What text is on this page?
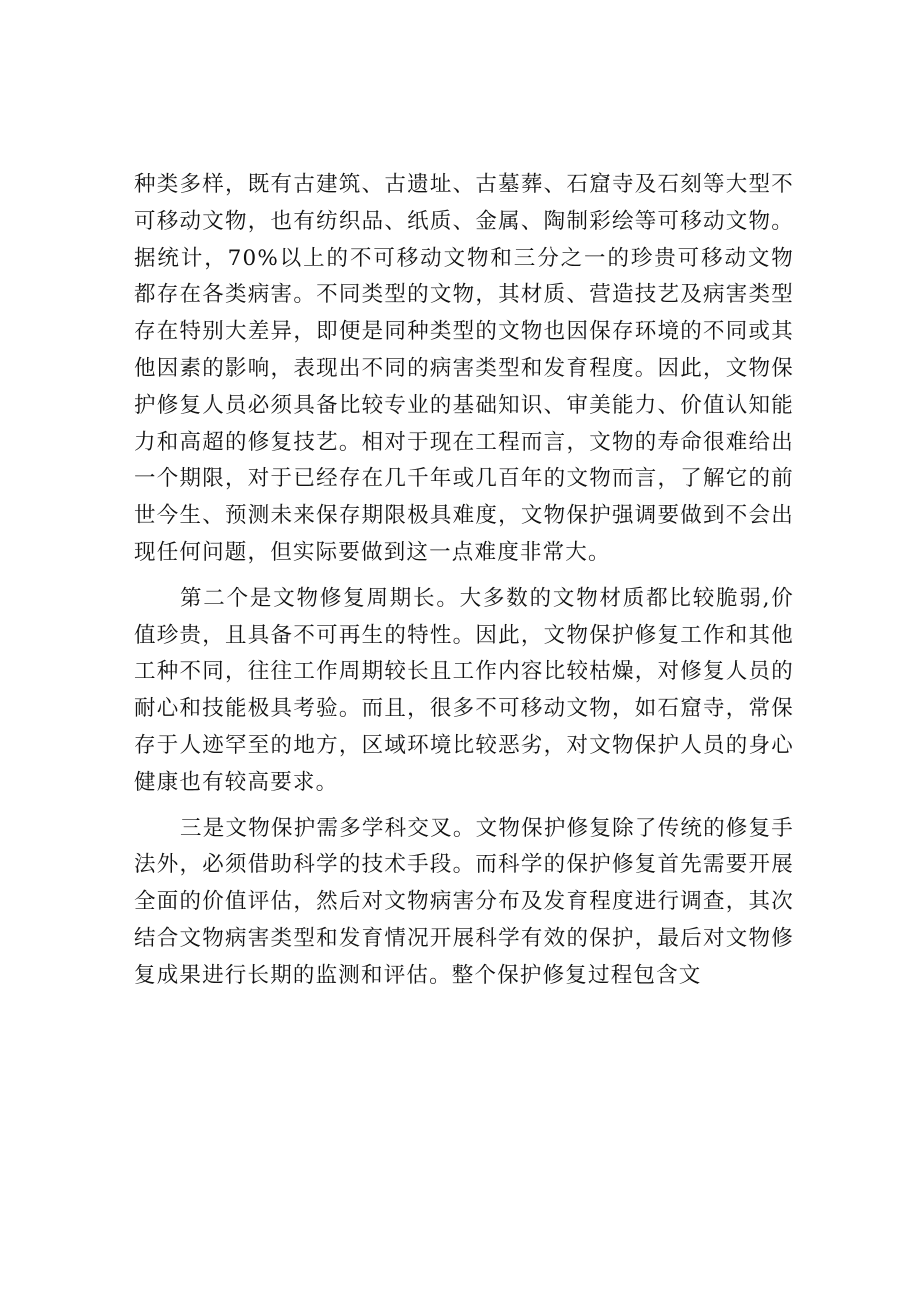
种类多样，既有古建筑、古遗址、古墓葬、石窟寺及石刻等大型不可移动文物，也有纺织品、纸质、金属、陶制彩绘等可移动文物。据统计，70%以上的不可移动文物和三分之一的珍贵可移动文物都存在各类病害。不同类型的文物，其材质、营造技艺及病害类型存在特别大差异，即便是同种类型的文物也因保存环境的不同或其他因素的影响，表现出不同的病害类型和发育程度。因此，文物保护修复人员必须具备比较专业的基础知识、审美能力、价值认知能力和高超的修复技艺。相对于现在工程而言，文物的寿命很难给出一个期限，对于已经存在几千年或几百年的文物而言，了解它的前世今生、预测未来保存期限极具难度，文物保护强调要做到不会出现任何问题，但实际要做到这一点难度非常大。

第二个是文物修复周期长。大多数的文物材质都比较脆弱,价值珍贵，且具备不可再生的特性。因此，文物保护修复工作和其他工种不同，往往工作周期较长且工作内容比较枯燥，对修复人员的耐心和技能极具考验。而且，很多不可移动文物，如石窟寺，常保存于人迹罕至的地方，区域环境比较恶劣，对文物保护人员的身心健康也有较高要求。

三是文物保护需多学科交叉。文物保护修复除了传统的修复手法外，必须借助科学的技术手段。而科学的保护修复首先需要开展全面的价值评估，然后对文物病害分布及发育程度进行调查，其次结合文物病害类型和发育情况开展科学有效的保护，最后对文物修复成果进行长期的监测和评估。整个保护修复过程包含文
